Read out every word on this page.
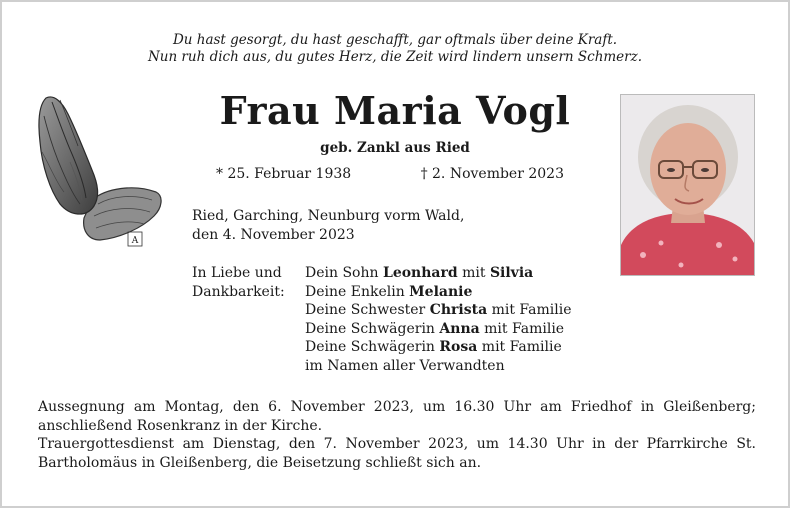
Du hast gesorgt, du hast geschafft, gar oftmals über deine Kraft.
Nun ruh dich aus, du gutes Herz, die Zeit wird lindern unsern Schmerz.
A
Frau Maria Vogl
geb. Zankl aus Ried
* 25. Februar 1938	† 2. November 2023
Ried, Garching, Neunburg vorm Wald,
den 4. November 2023
In Liebe und
Dankbarkeit:
Dein Sohn Leonhard mit Silvia
Deine Enkelin Melanie
Deine Schwester Christa mit Familie
Deine Schwägerin Anna mit Familie
Deine Schwägerin Rosa mit Familie
im Namen aller Verwandten

Aussegnung am Montag, den 6. November 2023, um 16.30 Uhr am Friedhof in Gleißenberg; anschließend Rosenkranz in der Kirche.

Trauergottesdienst am Dienstag, den 7. November 2023, um 14.30 Uhr in der Pfarrkirche St. Bartholomäus in Gleißenberg, die Beisetzung schließt sich an.
